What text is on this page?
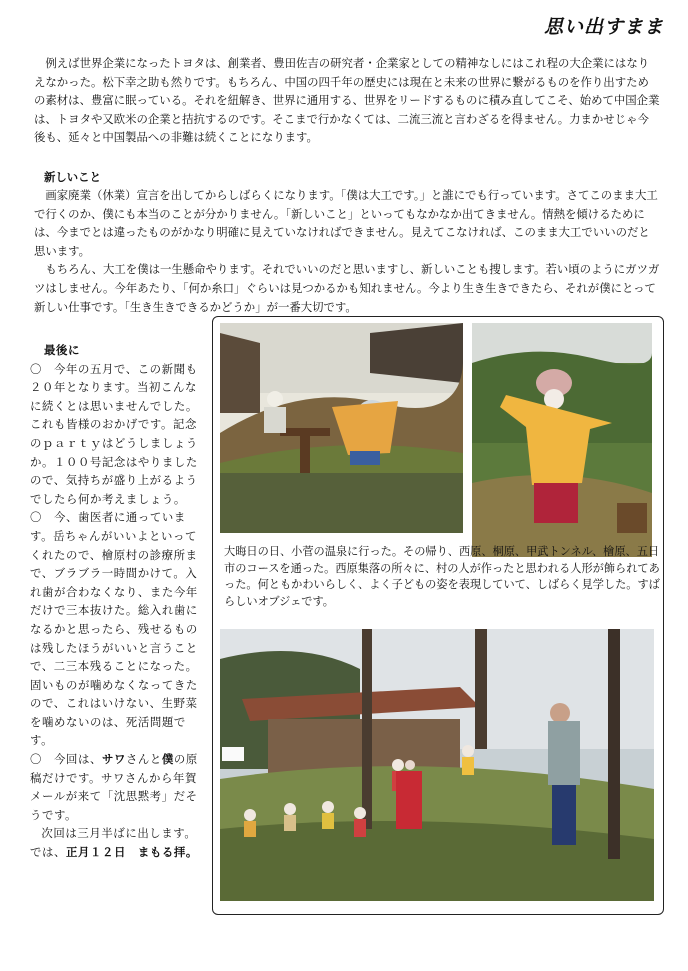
思い出すまま
例えば世界企業になったトヨタは、創業者、豊田佐吉の研究者・企業家としての精神なしにはこれ程の大企業にはなりえなかった。松下幸之助も然りです。もちろん、中国の四千年の歴史には現在と未来の世界に繋がるものを作り出すための素材は、豊富に眠っている。それを紐解き、世界に通用する、世界をリードするものに積み直してこそ、始めて中国企業は、トヨタや又欧米の企業と拮抗するのです。そこまで行かなくては、二流三流と言わざるを得ません。力まかせじゃ今後も、延々と中国製品への非難は続くことになります。
新しいこと
画家廃業（休業）宣言を出してからしばらくになります。「僕は大工です。」と誰にでも行っています。さてこのまま大工で行くのか、僕にも本当のことが分かりません。「新しいこと」といってもなかなか出てきません。情熱を傾けるためには、今までとは違ったものがかなり明確に見えていなければできません。見えてこなければ、このまま大工でいいのだと思います。
もちろん、大工を僕は一生懸命やります。それでいいのだと思いますし、新しいことも捜します。若い頃のようにガツガツはしません。今年あたり、「何か糸口」ぐらいは見つかるかも知れません。今より生き生きできたら、それが僕にとって新しい仕事です。「生き生きできるかどうか」が一番大切です。
最後に
〇　今年の五月で、この新聞も２０年となります。当初こんなに続くとは思いませんでした。これも皆様のおかげです。記念のｐａｒｔｙはどうしましょうか。１００号記念はやりましたので、気持ちが盛り上がるようでしたら何か考えましょう。
〇　今、歯医者に通っています。岳ちゃんがいいよといってくれたので、檜原村の診療所まで、ブラブラ一時間かけて。入れ歯が合わなくなり、また今年だけで三本抜けた。総入れ歯になるかと思ったら、残せるものは残したほうがいいと言うことで、二三本残ることになった。固いものが噛めなくなってきたので、これはいけない、生野菜を噛めないのは、死活問題です。
〇　今回は、サワさんと僕の原稿だけです。サワさんから年賀メールが来て「沈思黙考」だそうです。
次回は三月半ばに出します。
では、正月１２日　まもる拝。
大晦日の日、小菅の温泉に行った。その帰り、西原、桐原、甲武トンネル、檜原、五日市のコースを通った。西原集落の所々に、村の人が作ったと思われる人形が飾られてあった。何ともかわいらしく、よく子どもの姿を表現していて、しばらく見学した。すばらしいオブジェです。
